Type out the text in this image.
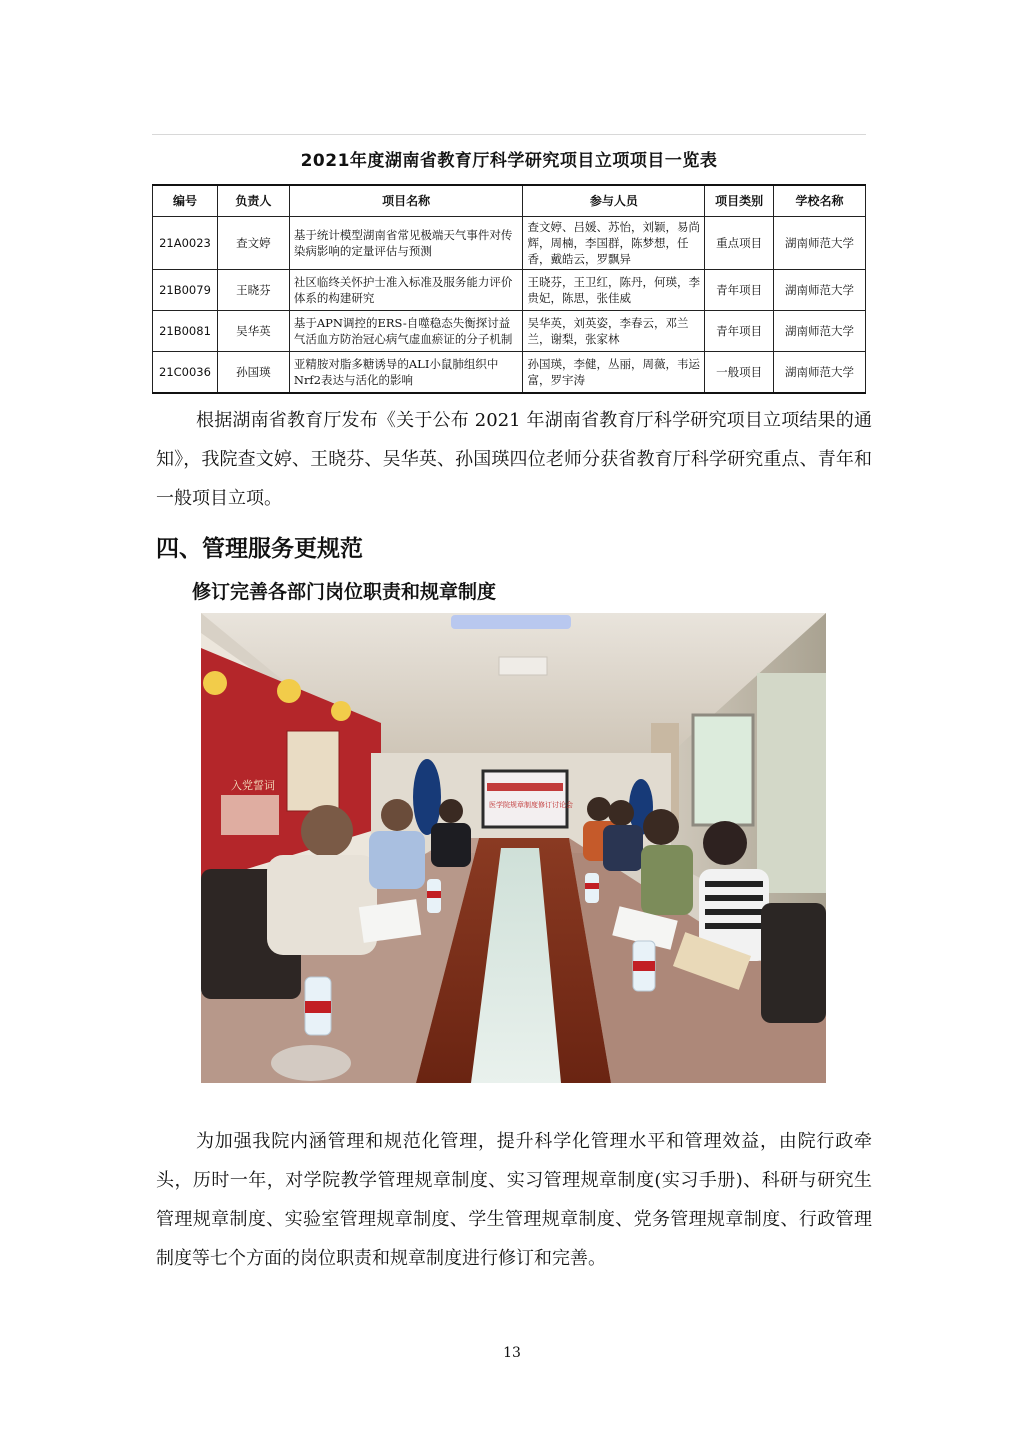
2021年度湖南省教育厅科学研究项目立项项目一览表
编号	负责人	项目名称	参与人员	项目类别	学校名称
21A0023	查文婷	基于统计模型湖南省常见极端天气事件对传染病影响的定量评估与预测	查文婷、吕媛、苏怡，刘颖，易尚辉，周楠，李国群，陈梦想，任香，戴皓云，罗飘异	重点项目	湖南师范大学
21B0079	王晓芬	社区临终关怀护士准入标准及服务能力评价体系的构建研究	王晓芬，王卫红，陈丹，何瑛，李贵妃，陈思，张佳威	青年项目	湖南师范大学
21B0081	吴华英	基于APN调控的ERS-自噬稳态失衡探讨益气活血方防治冠心病气虚血瘀证的分子机制	吴华英，刘英姿，李春云，邓兰兰，谢梨，张家林	青年项目	湖南师范大学
21C0036	孙国瑛	亚精胺对脂多糖诱导的ALI小鼠肺组织中Nrf2表达与活化的影响	孙国瑛，李健，丛丽，周薇，韦运富，罗宇涛	一般项目	湖南师范大学

根据湖南省教育厅发布《关于公布 2021 年湖南省教育厅科学研究项目立项结果的通知》，我院查文婷、王晓芬、吴华英、孙国瑛四位老师分获省教育厅科学研究重点、青年和一般项目立项。

四、管理服务更规范
修订完善各部门岗位职责和规章制度
入党誓词
医学院规章制度修订讨论会

为加强我院内涵管理和规范化管理，提升科学化管理水平和管理效益，由院行政牵头，历时一年，对学院教学管理规章制度、实习管理规章制度(实习手册)、科研与研究生管理规章制度、实验室管理规章制度、学生管理规章制度、党务管理规章制度、行政管理制度等七个方面的岗位职责和规章制度进行修订和完善。

13
